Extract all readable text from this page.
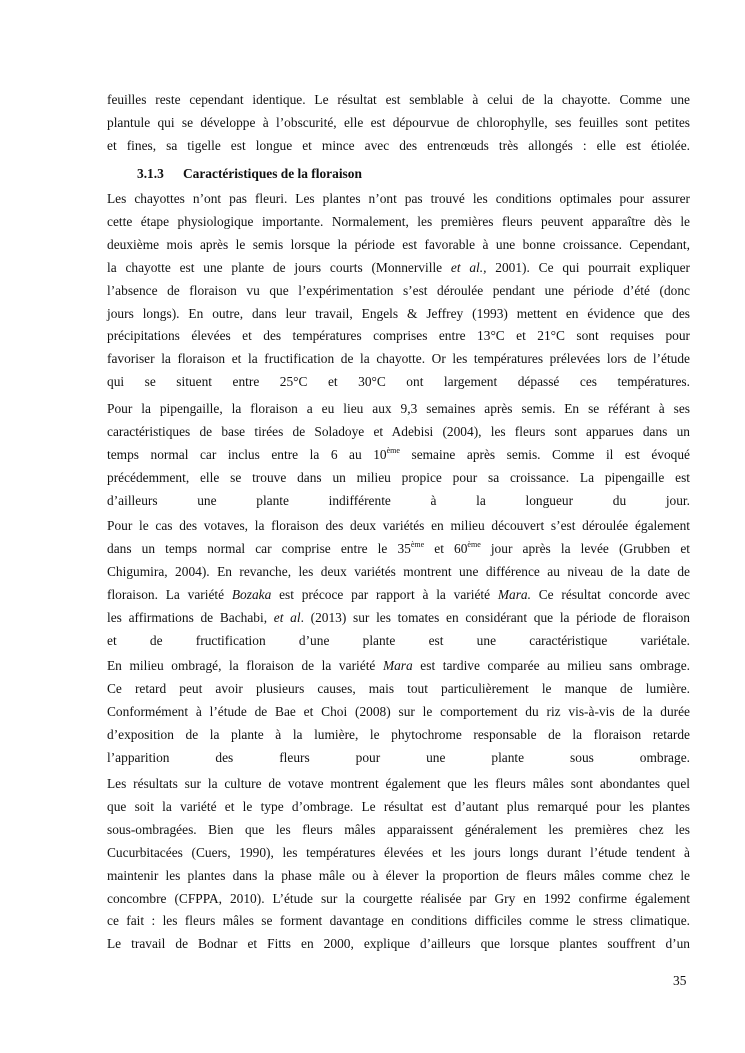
feuilles reste cependant identique. Le résultat est semblable à celui de la chayotte. Comme une
plantule qui se développe à l’obscurité, elle est dépourvue de chlorophylle, ses feuilles sont petites
et fines, sa tigelle est longue et mince avec des entrenœuds très allongés : elle est étiolée.
3.1.3 Caractéristiques de la floraison
Les chayottes n’ont pas fleuri. Les plantes n’ont pas trouvé les conditions optimales pour assurer
cette étape physiologique importante. Normalement, les premières fleurs peuvent apparaître dès le
deuxième mois après le semis lorsque la période est favorable à une bonne croissance. Cependant,
la chayotte est une plante de jours courts (Monnerville et al., 2001). Ce qui pourrait expliquer
l’absence de floraison vu que l’expérimentation s’est déroulée pendant une période d’été (donc
jours longs). En outre, dans leur travail, Engels & Jeffrey (1993) mettent en évidence que des
précipitations élevées et des températures comprises entre 13°C et 21°C sont requises pour
favoriser la floraison et la fructification de la chayotte. Or les températures prélevées lors de l’étude
qui se situent entre 25°C et 30°C ont largement dépassé ces températures.
Pour la pipengaille, la floraison a eu lieu aux 9,3 semaines après semis. En se référant à ses
caractéristiques de base tirées de Soladoye et Adebisi (2004), les fleurs sont apparues dans un
temps normal car inclus entre la 6 au 10ème semaine après semis. Comme il est évoqué
précédemment, elle se trouve dans un milieu propice pour sa croissance. La pipengaille est
d’ailleurs une plante indifférente à la longueur du jour.
Pour le cas des votaves, la floraison des deux variétés en milieu découvert s’est déroulée également
dans un temps normal car comprise entre le 35ème et 60ème jour après la levée (Grubben et
Chigumira, 2004). En revanche, les deux variétés montrent une différence au niveau de la date de
floraison. La variété Bozaka est précoce par rapport à la variété Mara. Ce résultat concorde avec
les affirmations de Bachabi, et al. (2013) sur les tomates en considérant que la période de floraison
et de fructification d’une plante est une caractéristique variétale.
En milieu ombragé, la floraison de la variété Mara est tardive comparée au milieu sans ombrage.
Ce retard peut avoir plusieurs causes, mais tout particulièrement le manque de lumière.
Conformément à l’étude de Bae et Choi (2008) sur le comportement du riz vis-à-vis de la durée
d’exposition de la plante à la lumière, le phytochrome responsable de la floraison retarde
l’apparition des fleurs pour une plante sous ombrage.
Les résultats sur la culture de votave montrent également que les fleurs mâles sont abondantes quel
que soit la variété et le type d’ombrage. Le résultat est d’autant plus remarqué pour les plantes
sous-ombragées. Bien que les fleurs mâles apparaissent généralement les premières chez les
Cucurbitacées (Cuers, 1990), les températures élevées et les jours longs durant l’étude tendent à
maintenir les plantes dans la phase mâle ou à élever la proportion de fleurs mâles comme chez le
concombre (CFPPA, 2010). L’étude sur la courgette réalisée par Gry en 1992 confirme également
ce fait : les fleurs mâles se forment davantage en conditions difficiles comme le stress climatique.
Le travail de Bodnar et Fitts en 2000, explique d’ailleurs que lorsque plantes souffrent d’un
35
